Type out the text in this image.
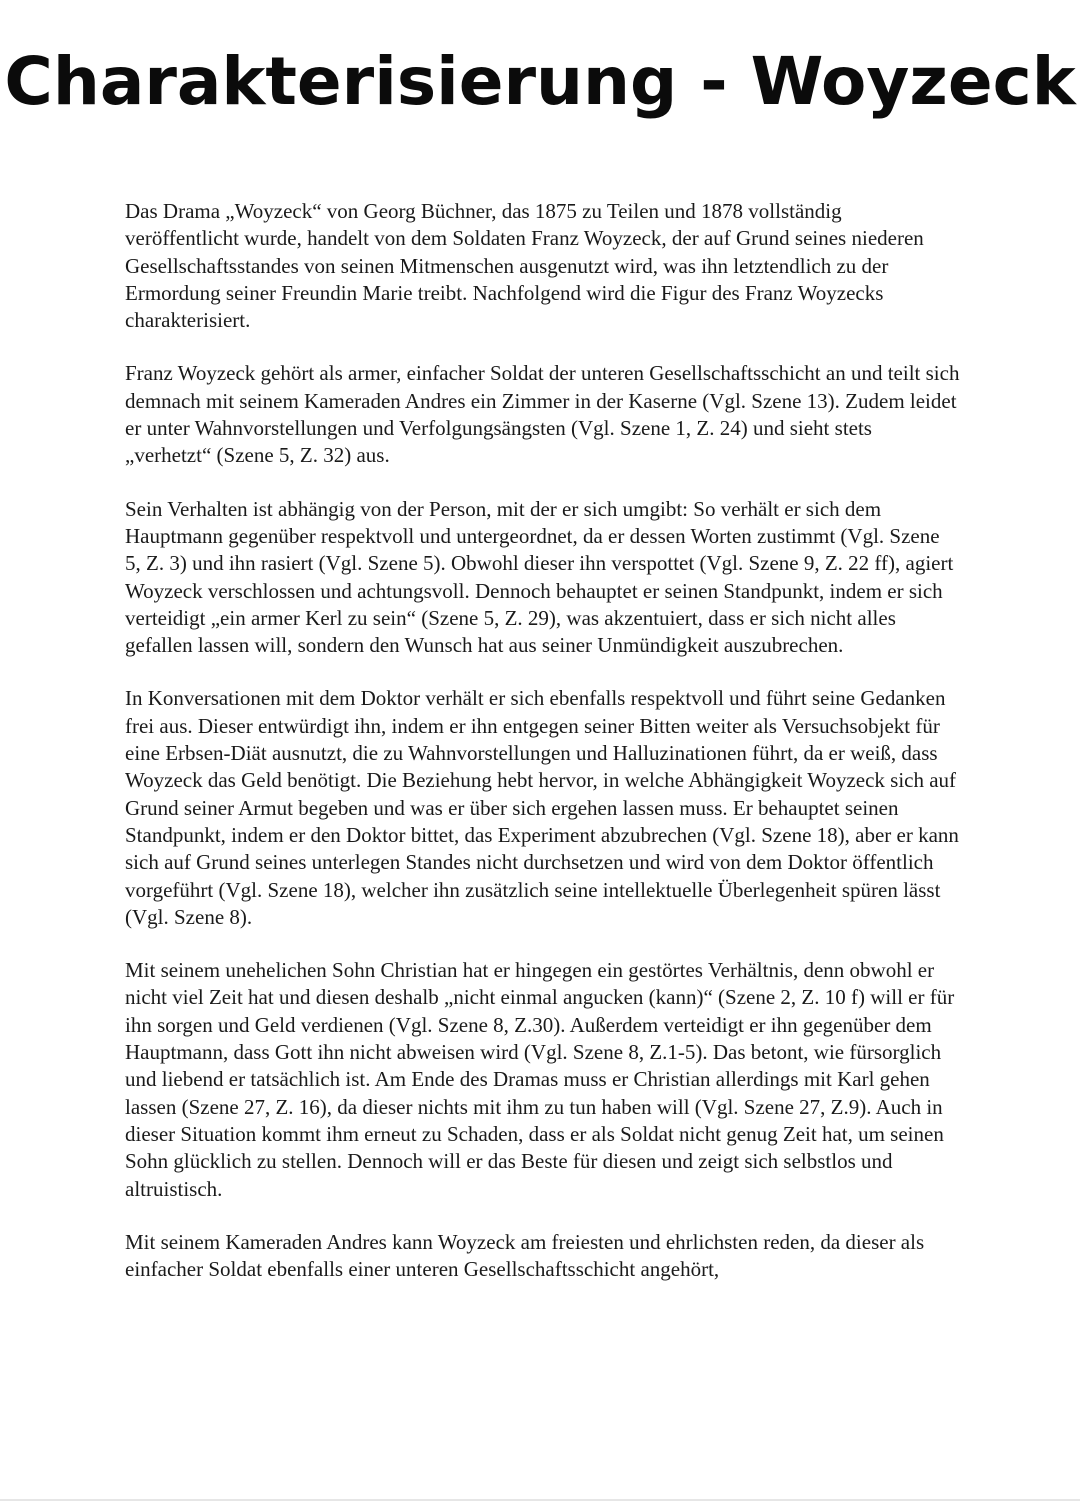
Charakterisierung - Woyzeck

Das Drama „Woyzeck“ von Georg Büchner, das 1875 zu Teilen und 1878 vollständig veröffentlicht wurde, handelt von dem Soldaten Franz Woyzeck, der auf Grund seines niederen Gesellschaftsstandes von seinen Mitmenschen ausgenutzt wird, was ihn letztendlich zu der Ermordung seiner Freundin Marie treibt. Nachfolgend wird die Figur des Franz Woyzecks charakterisiert.

Franz Woyzeck gehört als armer, einfacher Soldat der unteren Gesellschaftsschicht an und teilt sich demnach mit seinem Kameraden Andres ein Zimmer in der Kaserne (Vgl. Szene 13). Zudem leidet er unter Wahnvorstellungen und Verfolgungsängsten (Vgl. Szene 1, Z. 24) und sieht stets „verhetzt“ (Szene 5, Z. 32) aus.

Sein Verhalten ist abhängig von der Person, mit der er sich umgibt: So verhält er sich dem Hauptmann gegenüber respektvoll und untergeordnet, da er dessen Worten zustimmt (Vgl. Szene 5, Z. 3) und ihn rasiert (Vgl. Szene 5). Obwohl dieser ihn verspottet (Vgl. Szene 9, Z. 22 ff), agiert Woyzeck verschlossen und achtungsvoll. Dennoch behauptet er seinen Standpunkt, indem er sich verteidigt „ein armer Kerl zu sein“ (Szene 5, Z. 29), was akzentuiert, dass er sich nicht alles gefallen lassen will, sondern den Wunsch hat aus seiner Unmündigkeit auszubrechen.

In Konversationen mit dem Doktor verhält er sich ebenfalls respektvoll und führt seine Gedanken frei aus. Dieser entwürdigt ihn, indem er ihn entgegen seiner Bitten weiter als Versuchsobjekt für eine Erbsen-Diät ausnutzt, die zu Wahnvorstellungen und Halluzinationen führt, da er weiß, dass Woyzeck das Geld benötigt. Die Beziehung hebt hervor, in welche Abhängigkeit Woyzeck sich auf Grund seiner Armut begeben und was er über sich ergehen lassen muss. Er behauptet seinen Standpunkt, indem er den Doktor bittet, das Experiment abzubrechen (Vgl. Szene 18), aber er kann sich auf Grund seines unterlegen Standes nicht durchsetzen und wird von dem Doktor öffentlich vorgeführt (Vgl. Szene 18), welcher ihn zusätzlich seine intellektuelle Überlegenheit spüren lässt (Vgl. Szene 8).

Mit seinem unehelichen Sohn Christian hat er hingegen ein gestörtes Verhältnis, denn obwohl er nicht viel Zeit hat und diesen deshalb „nicht einmal angucken (kann)“ (Szene 2, Z. 10 f) will er für ihn sorgen und Geld verdienen (Vgl. Szene 8, Z.30). Außerdem verteidigt er ihn gegenüber dem Hauptmann, dass Gott ihn nicht abweisen wird (Vgl. Szene 8, Z.1-5). Das betont, wie fürsorglich und liebend er tatsächlich ist. Am Ende des Dramas muss er Christian allerdings mit Karl gehen lassen (Szene 27, Z. 16), da dieser nichts mit ihm zu tun haben will (Vgl. Szene 27, Z.9). Auch in dieser Situation kommt ihm erneut zu Schaden, dass er als Soldat nicht genug Zeit hat, um seinen Sohn glücklich zu stellen. Dennoch will er das Beste für diesen und zeigt sich selbstlos und altruistisch.

Mit seinem Kameraden Andres kann Woyzeck am freiesten und ehrlichsten reden, da dieser als einfacher Soldat ebenfalls einer unteren Gesellschaftsschicht angehört,
